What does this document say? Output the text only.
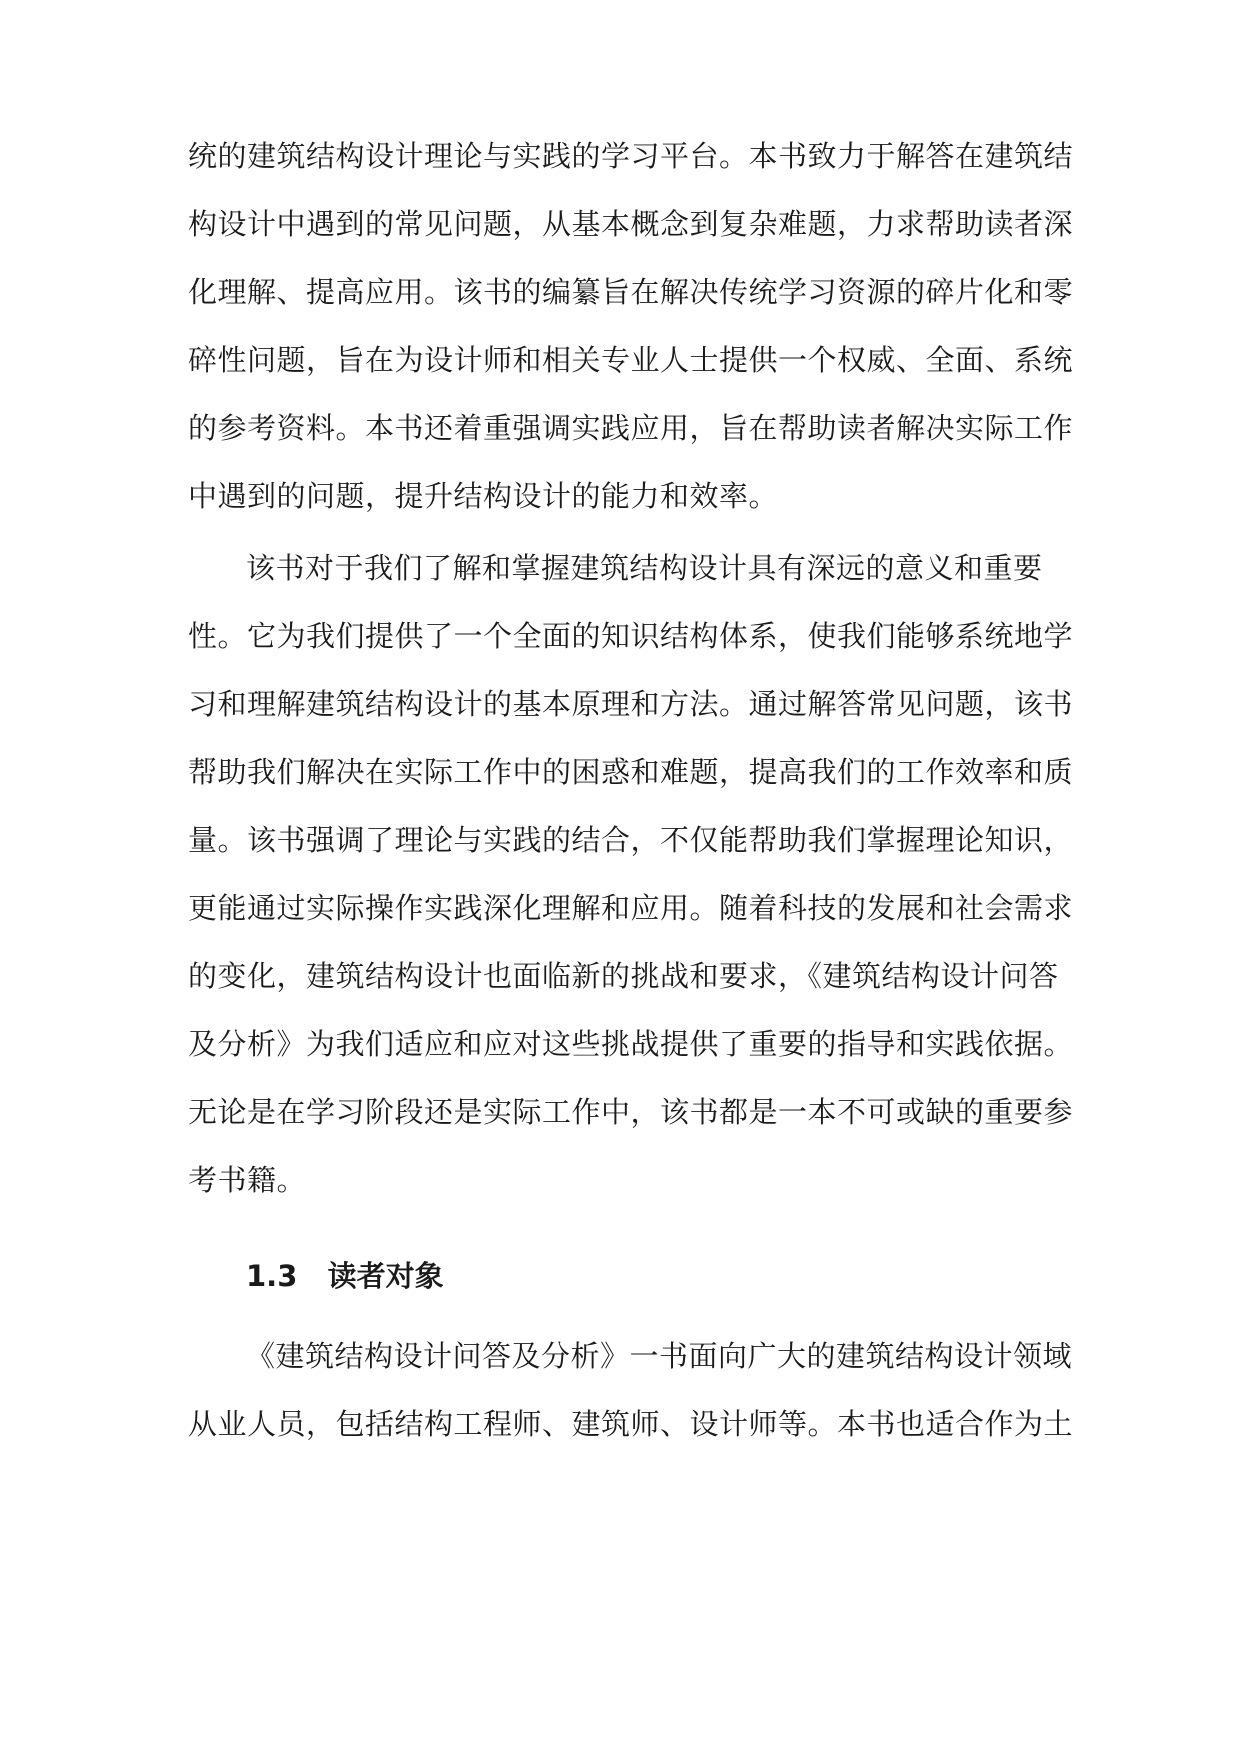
统的建筑结构设计理论与实践的学习平台。本书致力于解答在建筑结
构设计中遇到的常见问题，从基本概念到复杂难题，力求帮助读者深
化理解、提高应用。该书的编纂旨在解决传统学习资源的碎片化和零
碎性问题，旨在为设计师和相关专业人士提供一个权威、全面、系统
的参考资料。本书还着重强调实践应用，旨在帮助读者解决实际工作
中遇到的问题，提升结构设计的能力和效率。
该书对于我们了解和掌握建筑结构设计具有深远的意义和重要
性。它为我们提供了一个全面的知识结构体系，使我们能够系统地学
习和理解建筑结构设计的基本原理和方法。通过解答常见问题，该书
帮助我们解决在实际工作中的困惑和难题，提高我们的工作效率和质
量。该书强调了理论与实践的结合，不仅能帮助我们掌握理论知识，
更能通过实际操作实践深化理解和应用。随着科技的发展和社会需求
的变化，建筑结构设计也面临新的挑战和要求，《建筑结构设计问答
及分析》为我们适应和应对这些挑战提供了重要的指导和实践依据。
无论是在学习阶段还是实际工作中，该书都是一本不可或缺的重要参
考书籍。
1.3 读者对象
《建筑结构设计问答及分析》一书面向广大的建筑结构设计领域
从业人员，包括结构工程师、建筑师、设计师等。本书也适合作为土
